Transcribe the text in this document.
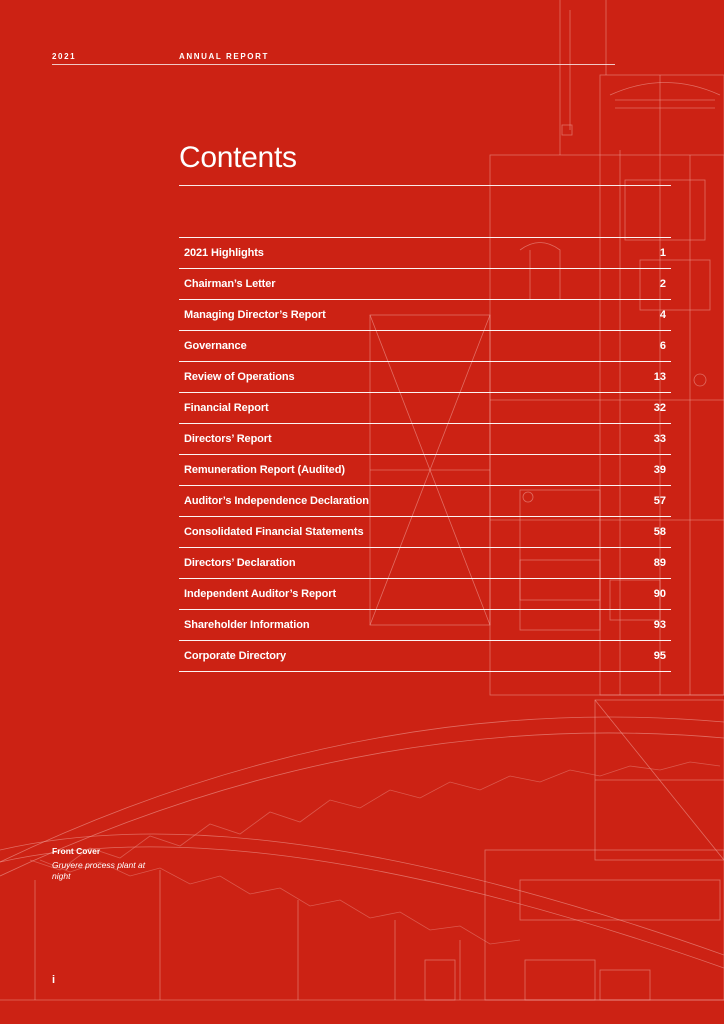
2021	ANNUAL REPORT
Contents
2021 Highlights	1
Chairman’s Letter	2
Managing Director’s Report	4
Governance	6
Review of Operations	13
Financial Report	32
Directors’ Report	33
Remuneration Report (Audited)	39
Auditor’s Independence Declaration	57
Consolidated Financial Statements	58
Directors’ Declaration	89
Independent Auditor’s Report	90
Shareholder Information	93
Corporate Directory	95
Front Cover
Gruyere process plant at night
i
